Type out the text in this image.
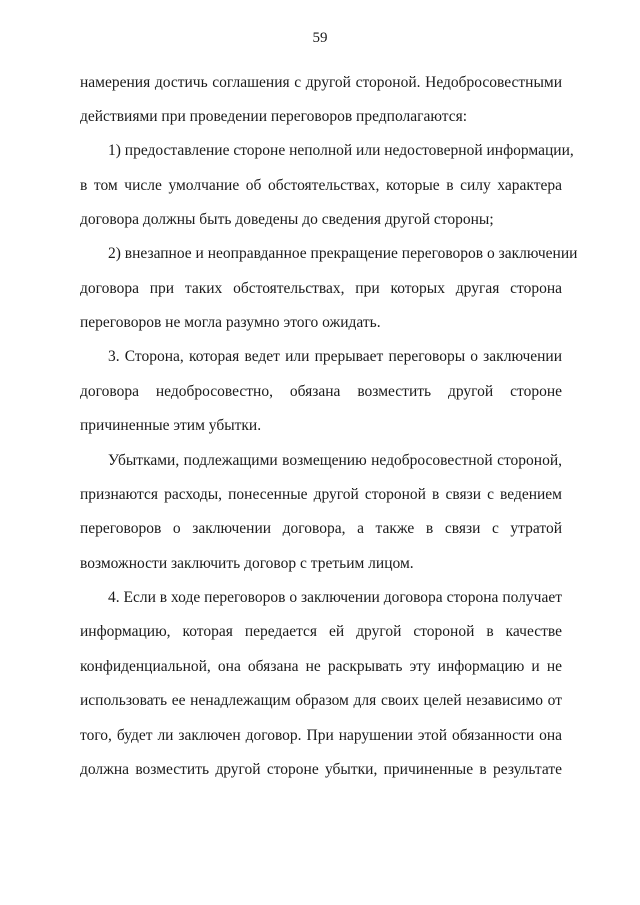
59
намерения достичь соглашения с другой стороной. Недобросовестными
действиями при проведении переговоров предполагаются:
1) предоставление стороне неполной или недостоверной информации,
в том числе умолчание об обстоятельствах, которые в силу характера
договора должны быть доведены до сведения другой стороны;
2) внезапное и неоправданное прекращение переговоров о заключении
договора при таких обстоятельствах, при которых другая сторона
переговоров не могла разумно этого ожидать.
3. Сторона, которая ведет или прерывает переговоры о заключении
договора недобросовестно, обязана возместить другой стороне
причиненные этим убытки.
Убытками, подлежащими возмещению недобросовестной стороной,
признаются расходы, понесенные другой стороной в связи с ведением
переговоров о заключении договора, а также в связи с утратой
возможности заключить договор с третьим лицом.
4. Если в ходе переговоров о заключении договора сторона получает
информацию, которая передается ей другой стороной в качестве
конфиденциальной, она обязана не раскрывать эту информацию и не
использовать ее ненадлежащим образом для своих целей независимо от
того, будет ли заключен договор. При нарушении этой обязанности она
должна возместить другой стороне убытки, причиненные в результате
